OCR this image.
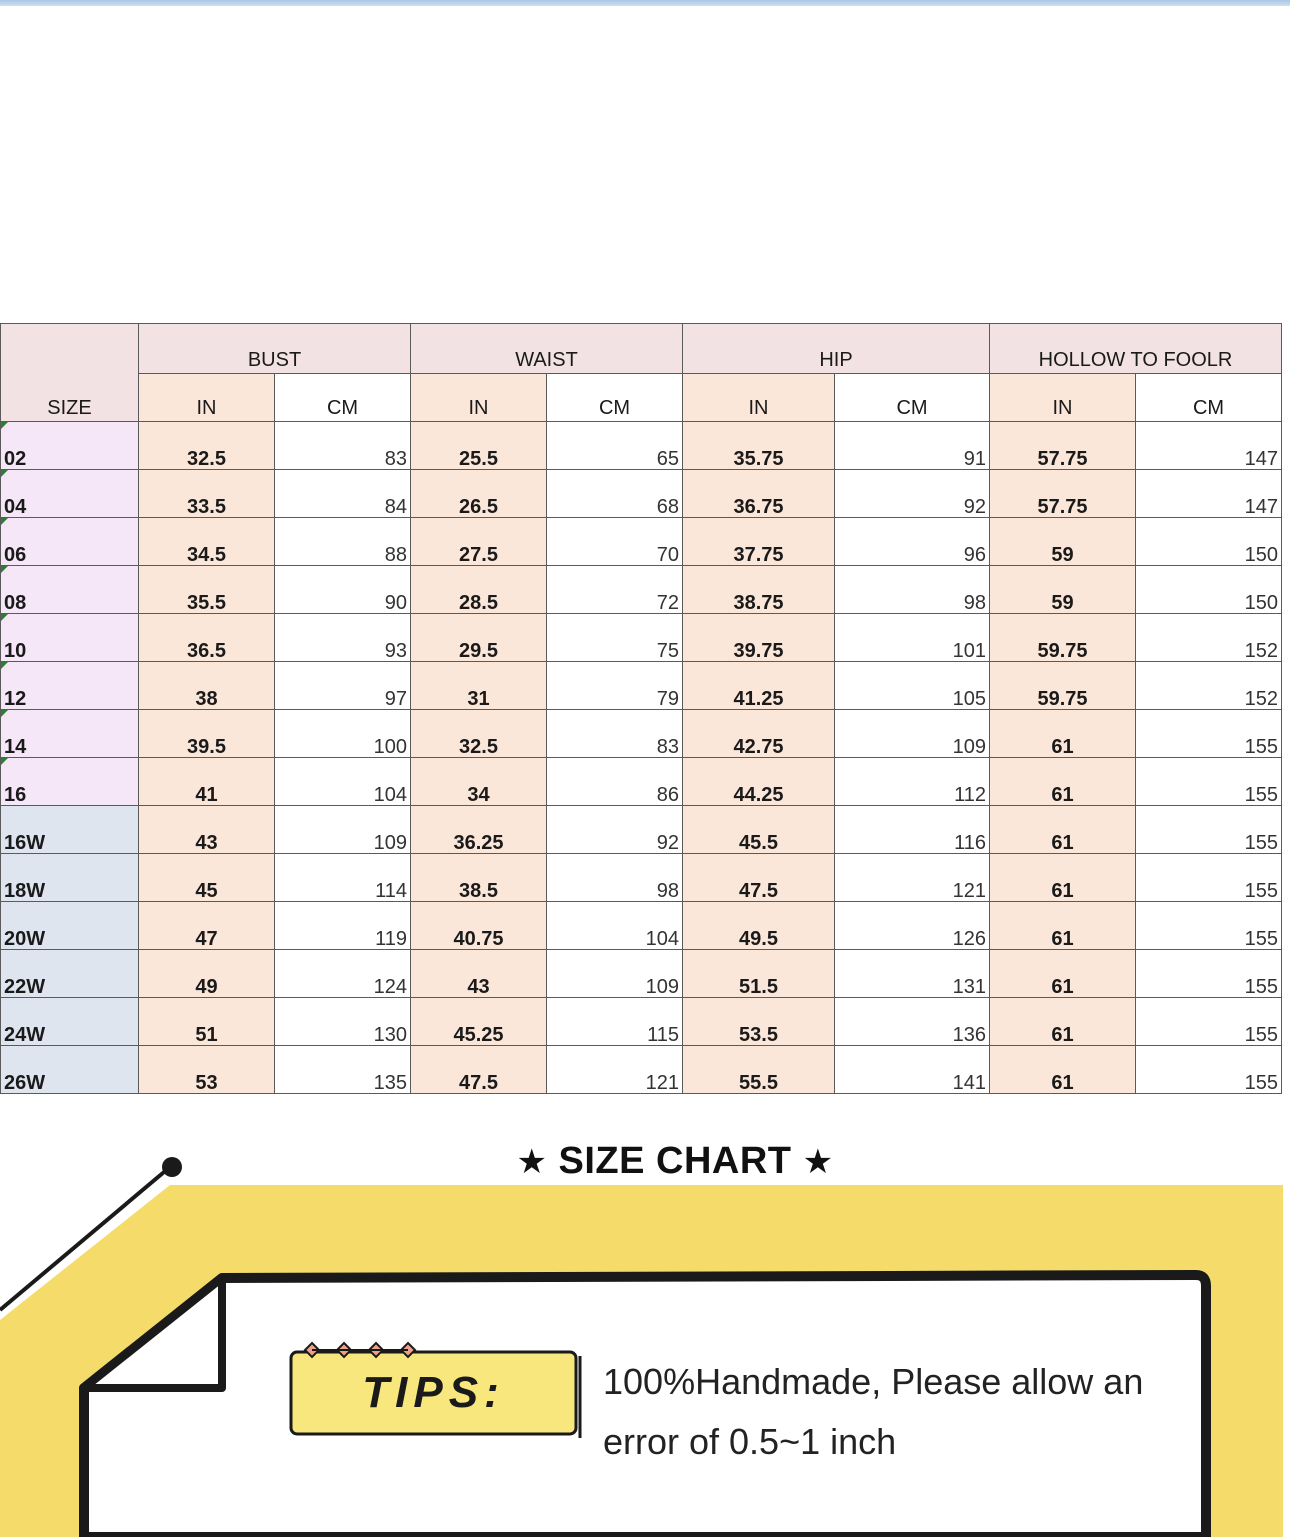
SIZE	BUST		WAIST		HIP		HOLLOW TO FOOLR	
	IN	CM	IN	CM	IN	CM	IN	CM
02	32.5	83	25.5	65	35.75	91	57.75	147
04	33.5	84	26.5	68	36.75	92	57.75	147
06	34.5	88	27.5	70	37.75	96	59	150
08	35.5	90	28.5	72	38.75	98	59	150
10	36.5	93	29.5	75	39.75	101	59.75	152
12	38	97	31	79	41.25	105	59.75	152
14	39.5	100	32.5	83	42.75	109	61	155
16	41	104	34	86	44.25	112	61	155
16W	43	109	36.25	92	45.5	116	61	155
18W	45	114	38.5	98	47.5	121	61	155
20W	47	119	40.75	104	49.5	126	61	155
22W	49	124	43	109	51.5	131	61	155
24W	51	130	45.25	115	53.5	136	61	155
26W	53	135	47.5	121	55.5	141	61	155
★ SIZE CHART ★
TIPS:	100%Handmade, Please allow an
error of 0.5~1 inch
